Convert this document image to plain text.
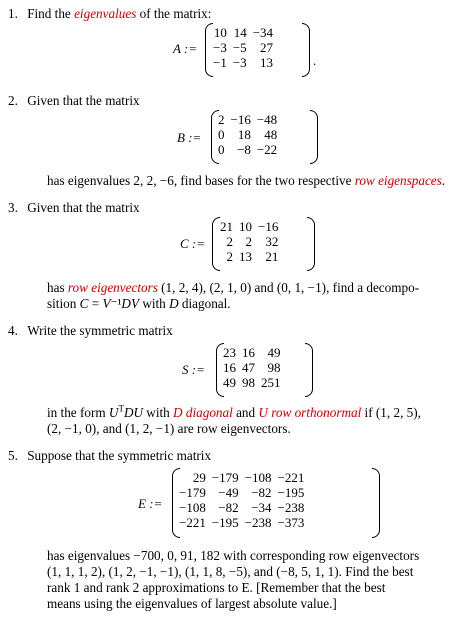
1. Find the eigenvalues of the matrix:
A :=
10	14	−34
−3	−5	27
−1	−3	13	.
2. Given that the matrix
B :=
2	−16	−48
0	18	48
0	−8	−22
has eigenvalues 2, 2, −6, find bases for the two respective row eigenspaces.
3. Given that the matrix
C :=
21	10	−16
2	2	32
2	13	21
has row eigenvectors (1, 2, 4), (2, 1, 0) and (0, 1, −1), find a decompo-
sition C = V⁻¹DV with D diagonal.
4. Write the symmetric matrix
S :=
23	16	49
16	47	98
49	98	251
in the form $U^TDU$ with D diagonal and U row orthonormal if (1, 2, 5),
(2, −1, 0), and (1, 2, −1) are row eigenvectors.
5. Suppose that the symmetric matrix
E :=
29	−179	−108	−221
−179	−49	−82	−195
−108	−82	−34	−238
−221	−195	−238	−373
has eigenvalues −700, 0, 91, 182 with corresponding row eigenvectors
(1, 1, 1, 2), (1, 2, −1, −1), (1, 1, 8, −5), and (−8, 5, 1, 1). Find the best
rank 1 and rank 2 approximations to E. [Remember that the best
means using the eigenvalues of largest absolute value.]
